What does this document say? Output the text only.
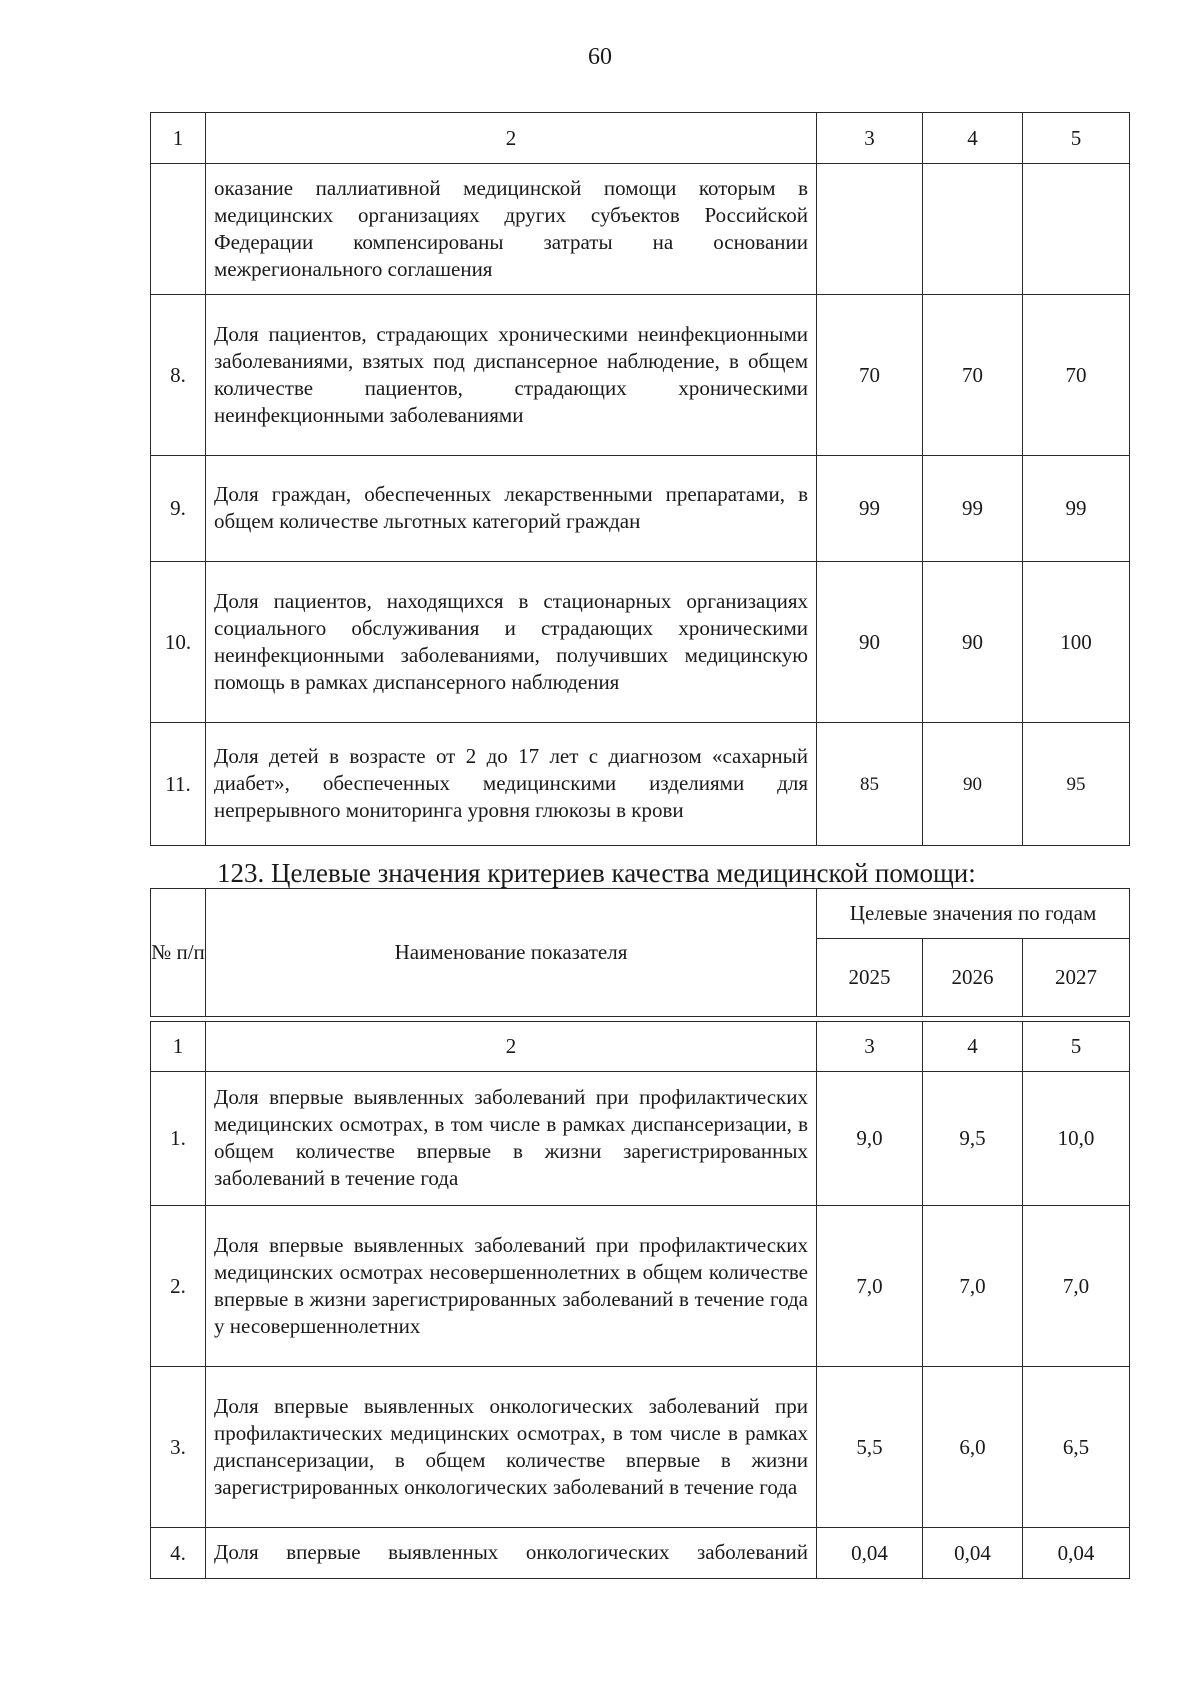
60
1	2	3	4	5
	оказание паллиативной медицинской помощи которым в медицинских организациях других субъектов Российской Федерации компенсированы затраты на основании межрегионального соглашения			
8.	Доля пациентов, страдающих хроническими неинфекционными заболеваниями, взятых под диспансерное наблюдение, в общем количестве пациентов, страдающих хроническими неинфекционными заболеваниями	70	70	70
9.	Доля граждан, обеспеченных лекарственными препаратами, в общем количестве льготных категорий граждан	99	99	99
10.	Доля пациентов, находящихся в стационарных организациях социального обслуживания и страдающих хроническими неинфекционными заболеваниями, получивших медицинскую помощь в рамках диспансерного наблюдения	90	90	100
11.	Доля детей в возрасте от 2 до 17 лет с диагнозом «сахарный диабет», обеспеченных медицинскими изделиями для непрерывного мониторинга уровня глюкозы в крови	85	90	95
123. Целевые значения критериев качества медицинской помощи:
№ п/п	Наименование показателя	Целевые значения по годам		
		2025	2026	2027
1	2	3	4	5
1.	Доля впервые выявленных заболеваний при профилактических медицинских осмотрах, в том числе в рамках диспансеризации, в общем количестве впервые в жизни зарегистрированных заболеваний в течение года	9,0	9,5	10,0
2.	Доля впервые выявленных заболеваний при профилактических медицинских осмотрах несовершеннолетних в общем количестве впервые в жизни зарегистрированных заболеваний в течение года у несовершеннолетних	7,0	7,0	7,0
3.	Доля впервые выявленных онкологических заболеваний при профилактических медицинских осмотрах, в том числе в рамках диспансеризации, в общем количестве впервые в жизни зарегистрированных онкологических заболеваний в течение года	5,5	6,0	6,5
4.	Доля впервые выявленных онкологических заболеваний	0,04	0,04	0,04
